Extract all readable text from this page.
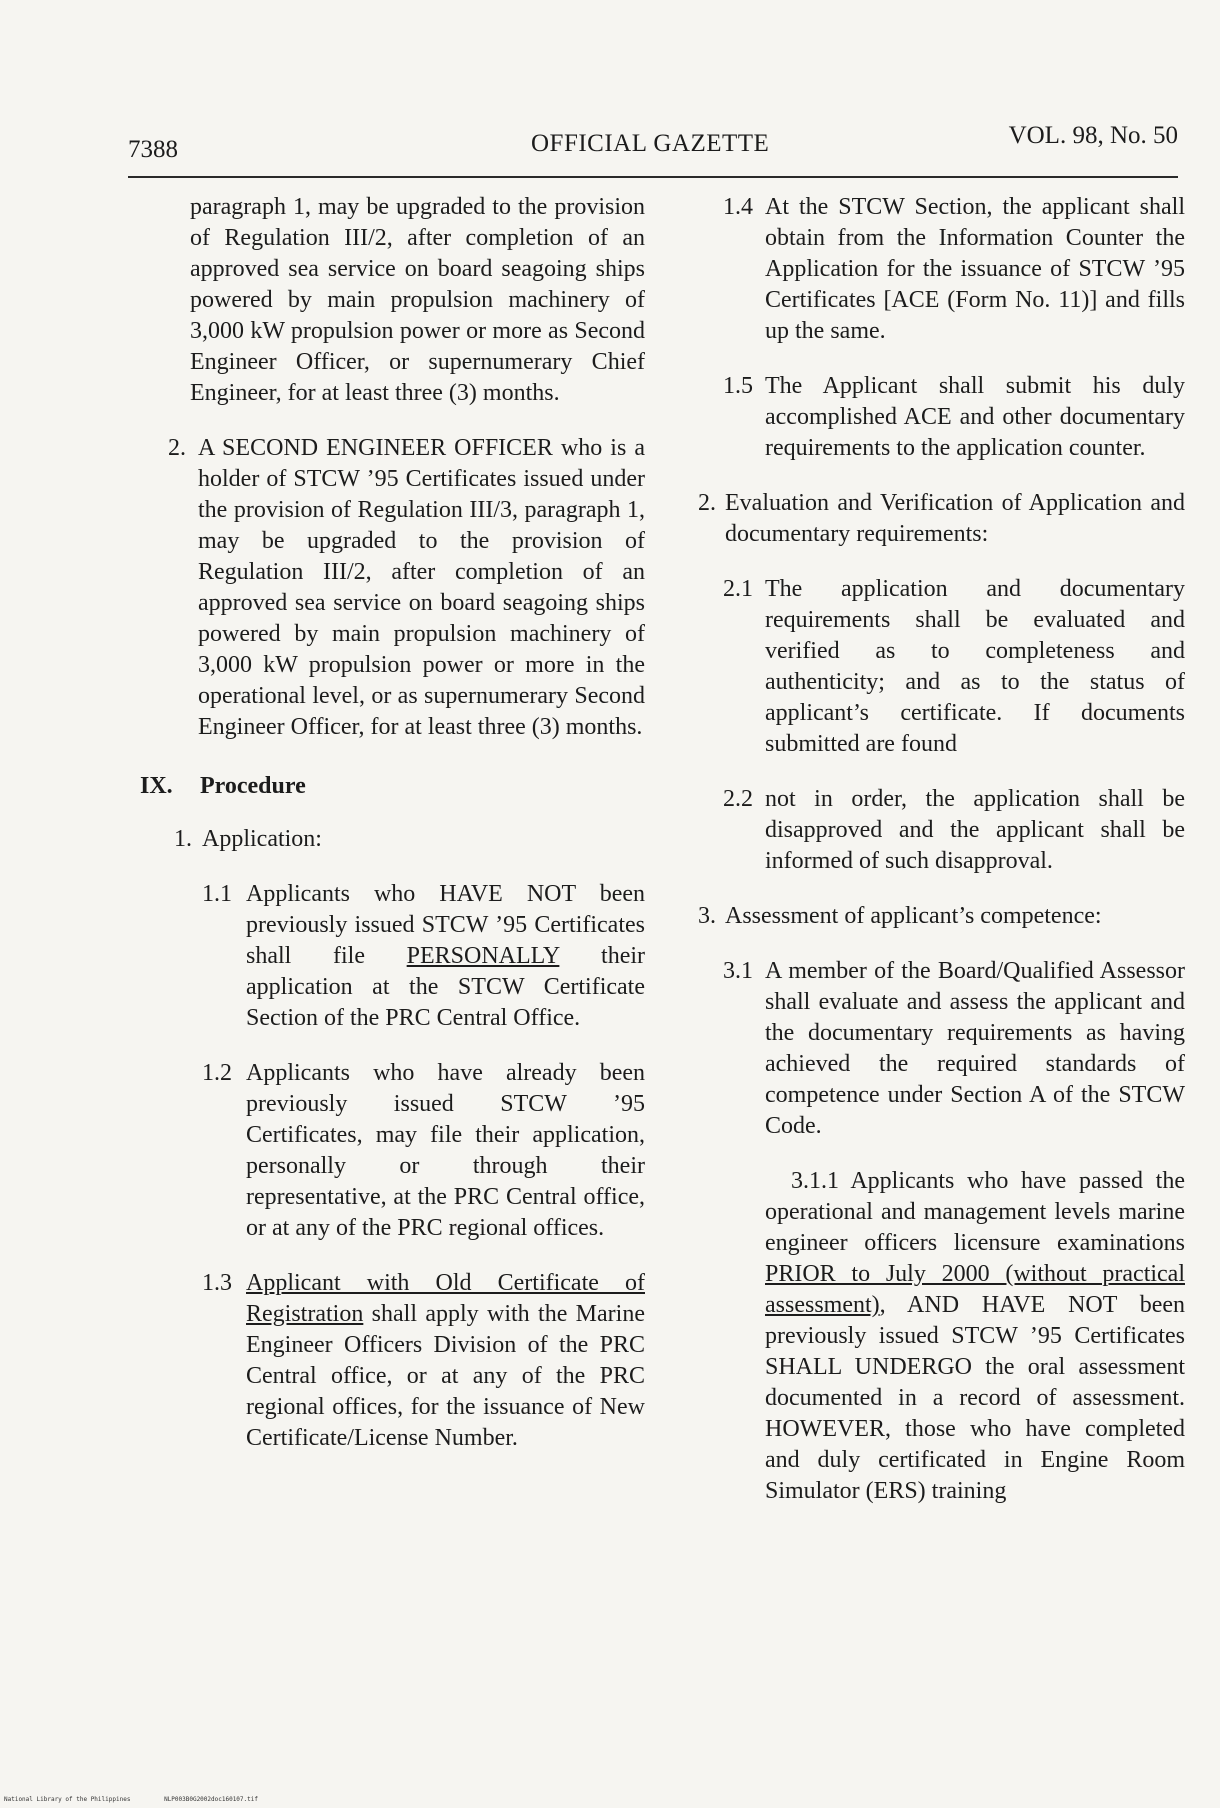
7388	OFFICIAL GAZETTE	VOL. 98, No. 50

paragraph 1, may be upgraded to the provision of Regulation III/2, after completion of an approved sea service on board seagoing ships powered by main propulsion machinery of 3,000 kW propulsion power or more as Second Engineer Officer, or supernumerary Chief Engineer, for at least three (3) months.

2. A SECOND ENGINEER OFFICER who is a holder of STCW ’95 Certificates issued under the provision of Regulation III/3, paragraph 1, may be upgraded to the provision of Regulation III/2, after completion of an approved sea service on board seagoing ships powered by main propulsion machinery of 3,000 kW propulsion power or more in the operational level, or as supernumerary Second Engineer Officer, for at least three (3) months.

IX. Procedure
1. Application:
1.1 Applicants who HAVE NOT been previously issued STCW ’95 Certificates shall file PERSONALLY their application at the STCW Certificate Section of the PRC Central Office.

1.2 Applicants who have already been previously issued STCW ’95 Certificates, may file their application, personally or through their representative, at the PRC Central office, or at any of the PRC regional offices.

1.3 Applicant with Old Certificate of Registration shall apply with the Marine Engineer Officers Division of the PRC Central office, or at any of the PRC regional offices, for the issuance of New Certificate/License Number.

1.4 At the STCW Section, the applicant shall obtain from the Information Counter the Application for the issuance of STCW ’95 Certificates [ACE (Form No. 11)] and fills up the same.

1.5 The Applicant shall submit his duly accomplished ACE and other documentary requirements to the application counter.

2. Evaluation and Verification of Application and documentary requirements:

2.1 The application and documentary requirements shall be evaluated and verified as to completeness and authenticity; and as to the status of applicant’s certificate. If documents submitted are found

2.2 not in order, the application shall be disapproved and the applicant shall be informed of such disapproval.

3. Assessment of applicant’s competence:

3.1 A member of the Board/Qualified Assessor shall evaluate and assess the applicant and the documentary requirements as having achieved the required standards of competence under Section A of the STCW Code.

3.1.1 Applicants who have passed the operational and management levels marine engineer officers licensure examinations PRIOR to July 2000 (without practical assessment), AND HAVE NOT been previously issued STCW ’95 Certificates SHALL UNDERGO the oral assessment documented in a record of assessment. HOWEVER, those who have completed and duly certificated in Engine Room Simulator (ERS) training

National Library of the Philippines	NLP003B0G2002doc160107.tif
